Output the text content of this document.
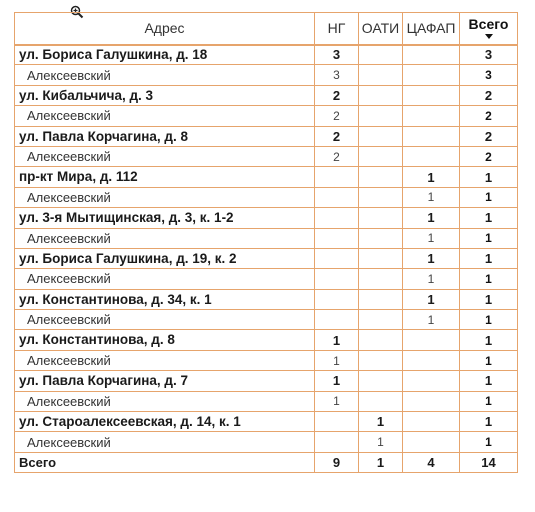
Адрес	НГ	ОАТИ	ЦАФАП	Всего

ул. Бориса Галушкина, д. 18	3			3
Алексеевский	3			3
ул. Кибальчича, д. 3	2			2
Алексеевский	2			2
ул. Павла Корчагина, д. 8	2			2
Алексеевский	2			2
пр-кт Мира, д. 112			1	1
Алексеевский			1	1
ул. 3-я Мытищинская, д. 3, к. 1-2			1	1
Алексеевский			1	1
ул. Бориса Галушкина, д. 19, к. 2			1	1
Алексеевский			1	1
ул. Константинова, д. 34, к. 1			1	1
Алексеевский			1	1
ул. Константинова, д. 8	1			1
Алексеевский	1			1
ул. Павла Корчагина, д. 7	1			1
Алексеевский	1			1
ул. Староалексеевская, д. 14, к. 1		1		1
Алексеевский		1		1
Всего	9	1	4	14
